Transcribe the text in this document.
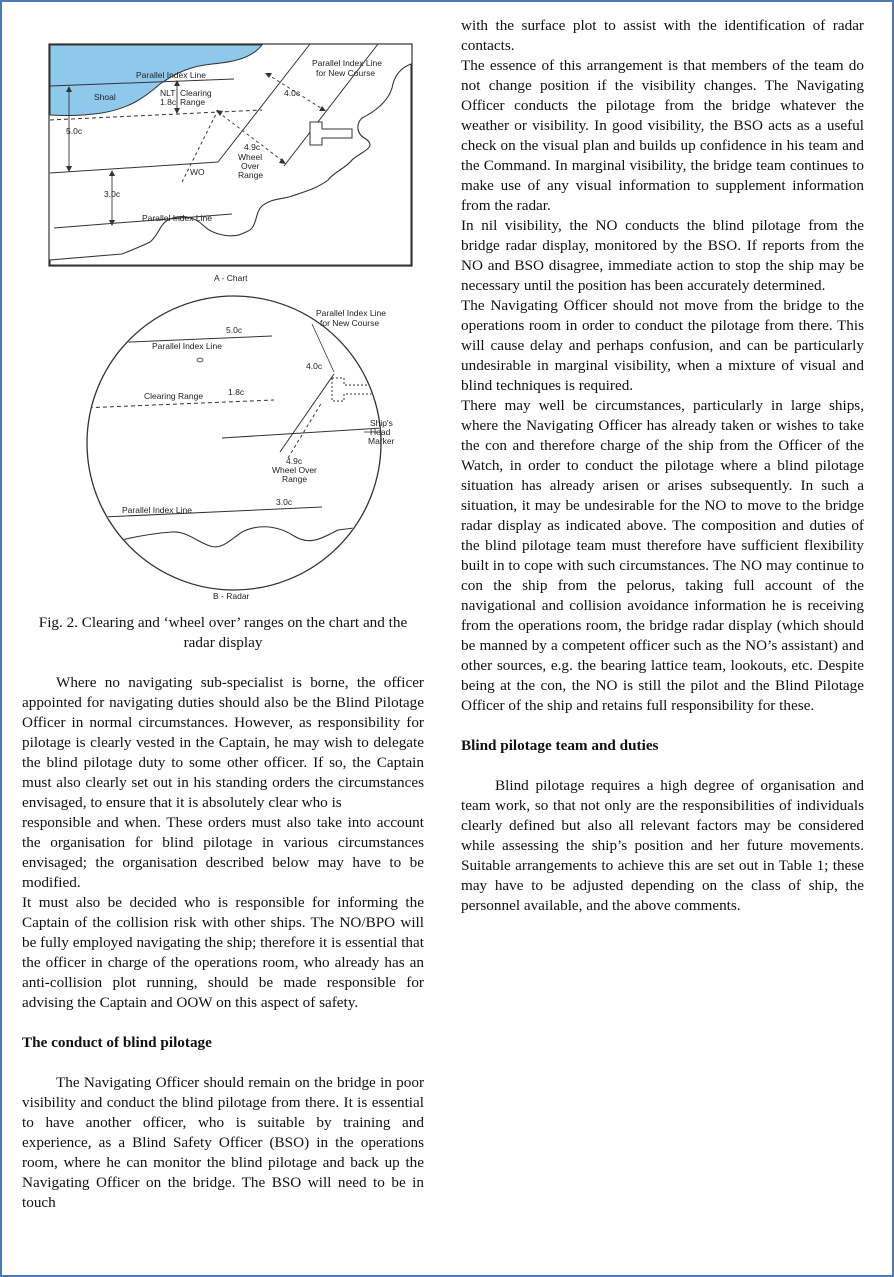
Parallel Index Line
Parallel Index Line
for New Course
Shoal	NLT
1.8c
Clearing
Range
4.0c
5.0c
4.9c
Wheel
Over
Range
WO
3.0c
Parallel Index Line
A - Chart
Parallel Index Line
for New Course
5.0c
Parallel Index Line
4.0c
Clearing Range	1.8c
Ship's
Head
Marker
4.9c
Wheel Over
Range
3.0c
Parallel Index Line
B - Radar
Fig. 2. Clearing and ‘wheel over’ ranges on the chart and the radar display

Where no navigating sub-specialist is borne, the officer appointed for navigating duties should also be the Blind Pilotage Officer in normal circumstances. However, as responsibility for pilotage is clearly vested in the Captain, he may wish to delegate the blind pilotage duty to some other officer. If so, the Captain must also clearly set out in his standing orders the circumstances envisaged, to ensure that it is absolutely clear who is

responsible and when. These orders must also take into account the organisation for blind pilotage in various circumstances envisaged; the organisation described below may have to be modified.

It must also be decided who is responsible for informing the Captain of the collision risk with other ships. The NO/BPO will be fully employed navigating the ship; therefore it is essential that the officer in charge of the operations room, who already has an anti-collision plot running, should be made responsible for advising the Captain and OOW on this aspect of safety.

The conduct of blind pilotage

The Navigating Officer should remain on the bridge in poor visibility and conduct the blind pilotage from there. It is essential to have another officer, who is suitable by training and experience, as a Blind Safety Officer (BSO) in the operations room, where he can monitor the blind pilotage and back up the Navigating Officer on the bridge. The BSO will need to be in touch

with the surface plot to assist with the identification of radar contacts.

The essence of this arrangement is that members of the team do not change position if the visibility changes. The Navigating Officer conducts the pilotage from the bridge whatever the weather or visibility. In good visibility, the BSO acts as a useful check on the visual plan and builds up confidence in his team and the Command. In marginal visibility, the bridge team continues to make use of any visual information to supplement information from the radar.

In nil visibility, the NO conducts the blind pilotage from the bridge radar display, monitored by the BSO. If reports from the NO and BSO disagree, immediate action to stop the ship may be necessary until the position has been accurately determined.

The Navigating Officer should not move from the bridge to the operations room in order to conduct the pilotage from there. This will cause delay and perhaps confusion, and can be particularly undesirable in marginal visibility, when a mixture of visual and blind techniques is required.

There may well be circumstances, particularly in large ships, where the Navigating Officer has already taken or wishes to take the con and therefore charge of the ship from the Officer of the Watch, in order to conduct the pilotage where a blind pilotage situation has already arisen or arises subsequently. In such a situation, it may be undesirable for the NO to move to the bridge radar display as indicated above. The composition and duties of the blind pilotage team must therefore have sufficient flexibility built in to cope with such circumstances. The NO may continue to con the ship from the pelorus, taking full account of the navigational and collision avoidance information he is receiving from the operations room, the bridge radar display (which should be manned by a competent officer such as the NO’s assistant) and other sources, e.g. the bearing lattice team, lookouts, etc. Despite being at the con, the NO is still the pilot and the Blind Pilotage Officer of the ship and retains full responsibility for these.

Blind pilotage team and duties

Blind pilotage requires a high degree of organisation and team work, so that not only are the responsibilities of individuals clearly defined but also all relevant factors may be considered while assessing the ship’s position and her future movements. Suitable arrangements to achieve this are set out in Table 1; these may have to be adjusted depending on the class of ship, the personnel available, and the above comments.
